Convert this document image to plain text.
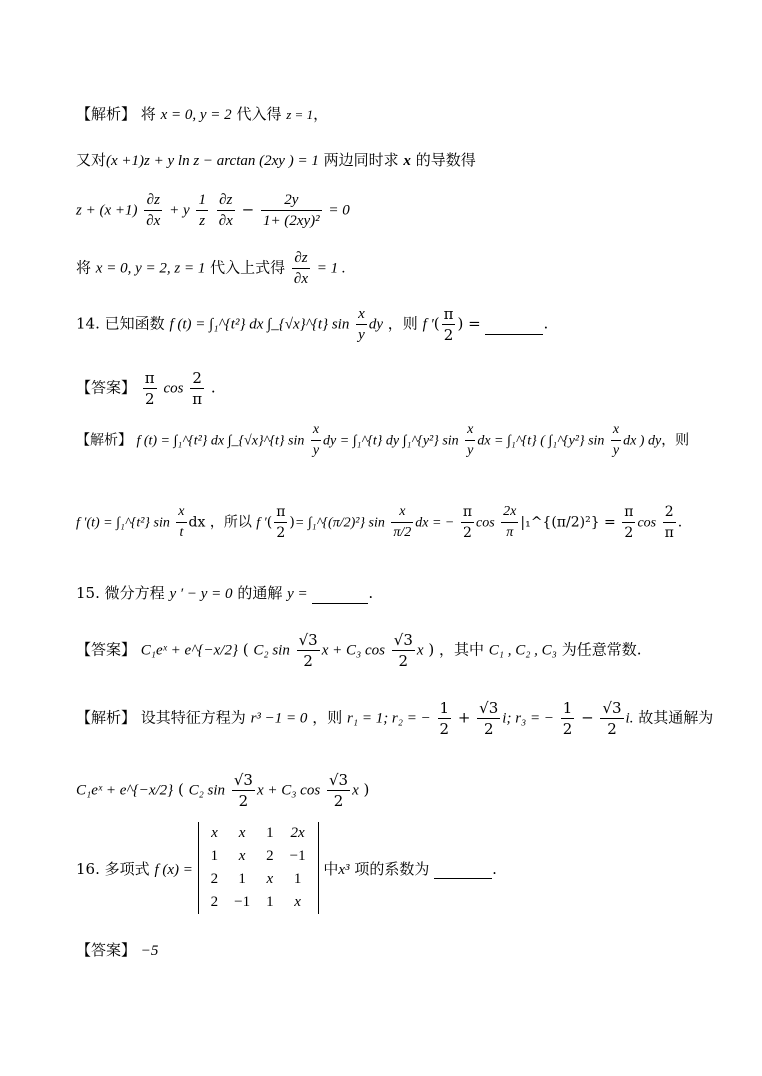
【解析】 将 x = 0, y = 2 代入得 z = 1，
又对(x +1)z + y ln z − arctan (2xy ) = 1 两边同时求 x 的导数得
$z + (x +1) \frac{\partial z}{\partial x} + y \frac{1}{z}$
$\frac{\partial z}{\partial x} - \frac{2y}{\text{1+ (2xy)²}} = 0$
将 x = 0, y = 2, z = 1 代入上式得 $\frac{\partial z}{\partial x} = 1$ .
14. 已知函数 f (t) = ∫₁^{t²} dx ∫_{√x}^{t} $\sin \frac{x}{y}$ dy ，则 f ′( $\frac{\pi}{2}$ ) =	.
【答案】 $\frac{\pi}{2}$ $\cos \frac{2}{\pi}$ .
【解析】 f (t) = ∫₁^{t²} dx ∫_{√x}^{t} $\sin \frac{x}{y}$ dy = ∫₁^{t} dy ∫₁^{y²} $\sin \frac{x}{y}$ dx = ∫₁^{t} ( ∫₁^{y²} $\sin \frac{x}{y}$ dx ) dy，则
f ′(t) = ∫₁^{t²} $\sin \frac{x}{t}$ dx ，所以 f ′( $\frac{\pi}{2}$ )= ∫₁^{(π/2)²} $\sin \frac{x}{\pi/2}$ dx = − $\frac{\pi}{2}$ $\cos \frac{2x}{\pi}$ |₁^{(π/2)²} = $\frac{\pi}{2}$ $\cos \frac{2}{\pi}$ .
15. 微分方程 y ′ − y = 0 的通解 y =	.
【答案】 C₁eˣ + e^{−x/2} ( C₂ $\sin \frac{√3}{2}$ x + C₃ $\cos \frac{√3}{2}$ x ) ，其中 C₁ , C₂ , C₃ 为任意常数.
【解析】 设其特征方程为 r³ −1 = 0 ，则 r₁ = 1; r₂ = − $\frac{1}{2} + \frac{√3}{2} i$; r₃ = − $\frac{1}{2} - \frac{√3}{2} i$. 故其通解为
C₁eˣ + e^{−x/2} ( C₂ $\sin \frac{√3}{2}$ x + C₃ $\cos \frac{√3}{2}$ x )
16. 多项式 f (x) =
x	x	1	2x
1	x	2	−1
2	1	x	1
2	−1	1	x
中x³ 项的系数为	.
【答案】 −5
